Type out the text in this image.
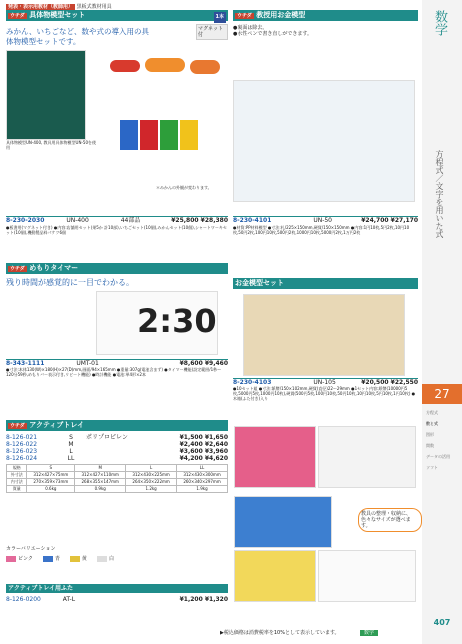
発表・表示用教材（教師用） 黒板式教材用具
ウチダ 具体物模型セット	1本
みかん、いちごなど、数や式の導入用の具体物模型セットです。
マグネット付
具体物模型UN-400, 教具用具体物模型UN-50を使用
＊みかんの外観が変わります。
8-230-2030	UN-400	44部品	¥25,800 ¥28,380
●板書用(マグネット付き) ●内容:店舗用セット(果5か 計10部),いちごセット(10個),みかんセット(10個),シャートワーキセット(10個),機動製品料パケツ6個
ウチダ 教授用お金模型
●裏面は除去。
●水性ペンで書き直しができます。
8-230-4101	UN-50	¥24,700 ¥27,170
●材質:PP材料模型 ●寸法:札/225×150mm,硬貨/150×150mm ●内容:1円10枚,5円2枚,10円10枚,50円2枚,100円10枚,500円2枚,1000円10枚,5000円2枚,1万円2枚
ウチダ めもりタイマー
残り時間が感覚的に一目でわかる。
2:30
8-343-1111	UMT-01	¥8,600 ¥9,460
●寸法:本体130(W)×180(H)×27(D)mm,画面/94×165mm ●重量:307g(電池含まず) ●タイマー機能(設定範囲/1秒〜120分59秒,めもりバー表示付き,リピート機能) ●時計機能 ●電池:単4形×2本
お金模型セット
8-230-4103	UN-105	¥20,500 ¥22,550
●10セット組 ●寸法:紙幣/150×102mm,硬貨(直径)22〜29mm ●1セット内容:紙幣(10000円5枚,5000円5枚,1000円10枚),硬貨(500円5枚,100円10枚,50円10枚,10円10枚,5円10枚,1円10枚) ●木箱(ふた付き)入り
ウチダ アクティブトレイ
8-126-021	S	ポリプロピレン	¥1,500 ¥1,650
8-126-022	M	¥2,400 ¥2,640
8-126-023	L	¥3,600 ¥3,960
8-126-024	LL	¥4,200 ¥4,620
規格	S	M	L	LL
外寸法	312×427×75mm	312×427×110mm	312×430×225mm	312×430×300mm
内寸法	270×359×73mm	268×355×147mm	264×350×222mm	260×340×297mm
質量	0.6kg	0.9kg	1.2kg	1.9kg
カラーバリエーション
ピンク	青	黄	白
アクティブトレイ用ふた
8-126-0200	AT-L	¥1,200 ¥1,320
教具の整理・収納に、色々なサイズが選べます。
数学
方程式／文字を用いた式
27
方程式
数と式
図形
関数
データの活用
ソフト
407
▶税込価格は消費税率を10%として表示しています。	数学
